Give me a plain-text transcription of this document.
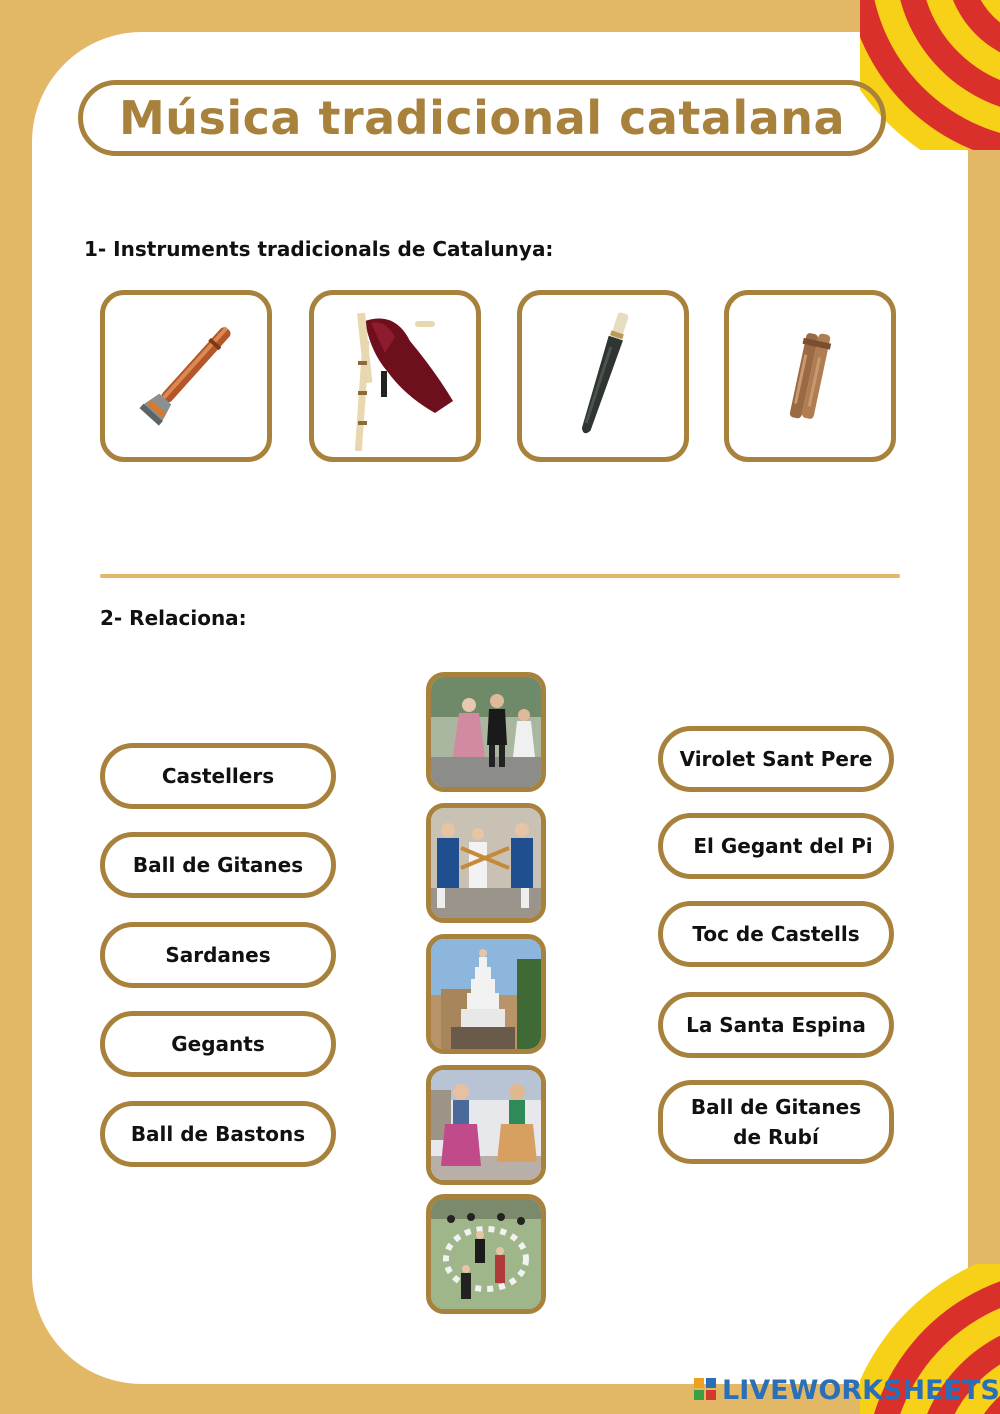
Música tradicional catalana
1- Instruments tradicionals de Catalunya:
2- Relaciona:
Castellers
Ball de Gitanes
Sardanes
Gegants
Ball de Bastons
Virolet Sant Pere
El Gegant del Pi
Toc de Castells
La Santa Espina
Ball de Gitanes de Rubí
LIVEWORKSHEETS
